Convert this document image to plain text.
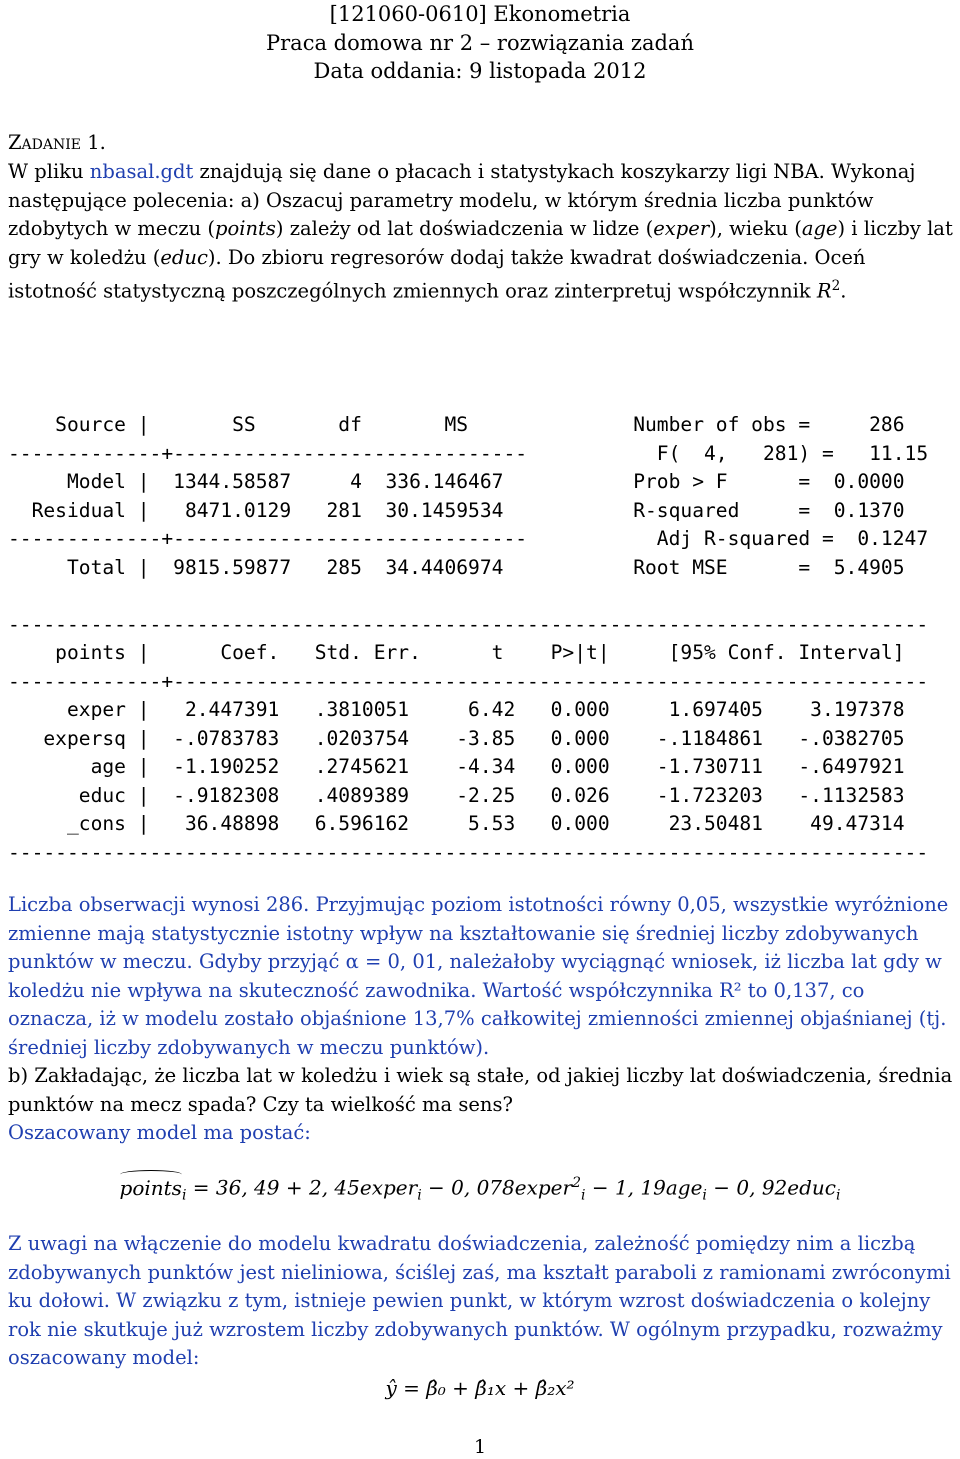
[121060-0610] Ekonometria
Praca domowa nr 2 – rozwiązania zadań
Data oddania: 9 listopada 2012
Zadanie 1.
W pliku nbasal.gdt znajdują się dane o płacach i statystykach koszykarzy ligi NBA. Wykonaj następujące polecenia: a) Oszacuj parametry modelu, w którym średnia liczba punktów zdobytych w meczu (points) zależy od lat doświadczenia w lidze (exper), wieku (age) i liczby lat gry w koledżu (educ). Do zbioru regresorów dodaj także kwadrat doświadczenia. Oceń istotność statystyczną poszczególnych zmiennych oraz zinterpretuj współczynnik $R^2$.
Source |       SS       df       MS              Number of obs =     286
-------------+------------------------------           F(  4,   281) =   11.15
Model |  1344.58587     4  336.146467           Prob > F      =  0.0000
Residual |   8471.0129   281  30.1459534           R-squared     =  0.1370
-------------+------------------------------           Adj R-squared =  0.1247
Total |  9815.59877   285  34.4406974           Root MSE      =  5.4905

------------------------------------------------------------------------------
points |      Coef.   Std. Err.      t    P>|t|     [95% Conf. Interval]
-------------+----------------------------------------------------------------
exper |   2.447391   .3810051     6.42   0.000     1.697405    3.197378
expersq |  -.0783783   .0203754    -3.85   0.000    -.1184861   -.0382705
age |  -1.190252   .2745621    -4.34   0.000    -1.730711   -.6497921
educ |  -.9182308   .4089389    -2.25   0.026    -1.723203   -.1132583
_cons |   36.48898   6.596162     5.53   0.000     23.50481    49.47314
------------------------------------------------------------------------------

Liczba obserwacji wynosi 286. Przyjmując poziom istotności równy 0,05, wszystkie wyróżnione zmienne mają statystycznie istotny wpływ na kształtowanie się średniej liczby zdobywanych punktów w meczu. Gdyby przyjąć α = 0, 01, należałoby wyciągnąć wniosek, iż liczba lat gdy w koledżu nie wpływa na skuteczność zawodnika. Wartość współczynnika R² to 0,137, co oznacza, iż w modelu zostało objaśnione 13,7% całkowitej zmienności zmiennej objaśnianej (tj. średniej liczby zdobywanych w meczu punktów).
b) Zakładając, że liczba lat w koledżu i wiek są stałe, od jakiej liczby lat doświadczenia, średnia punktów na mecz spada? Czy ta wielkość ma sens?
Oszacowany model ma postać:
points$_i$ = 36, 49 + 2, 45exper$_i$ − 0, 078exper$^2_i$ − 1, 19age$_i$ − 0, 92educ$_i$
Z uwagi na włączenie do modelu kwadratu doświadczenia, zależność pomiędzy nim a liczbą zdobywanych punktów jest nieliniowa, ściślej zaś, ma kształt paraboli z ramionami zwróconymi ku dołowi. W związku z tym, istnieje pewien punkt, w którym wzrost doświadczenia o kolejny rok nie skutkuje już wzrostem liczby zdobywanych punktów. W ogólnym przypadku, rozważmy oszacowany model:
ŷ = β̂₀ + β̂₁x + β̂₂x²
1
